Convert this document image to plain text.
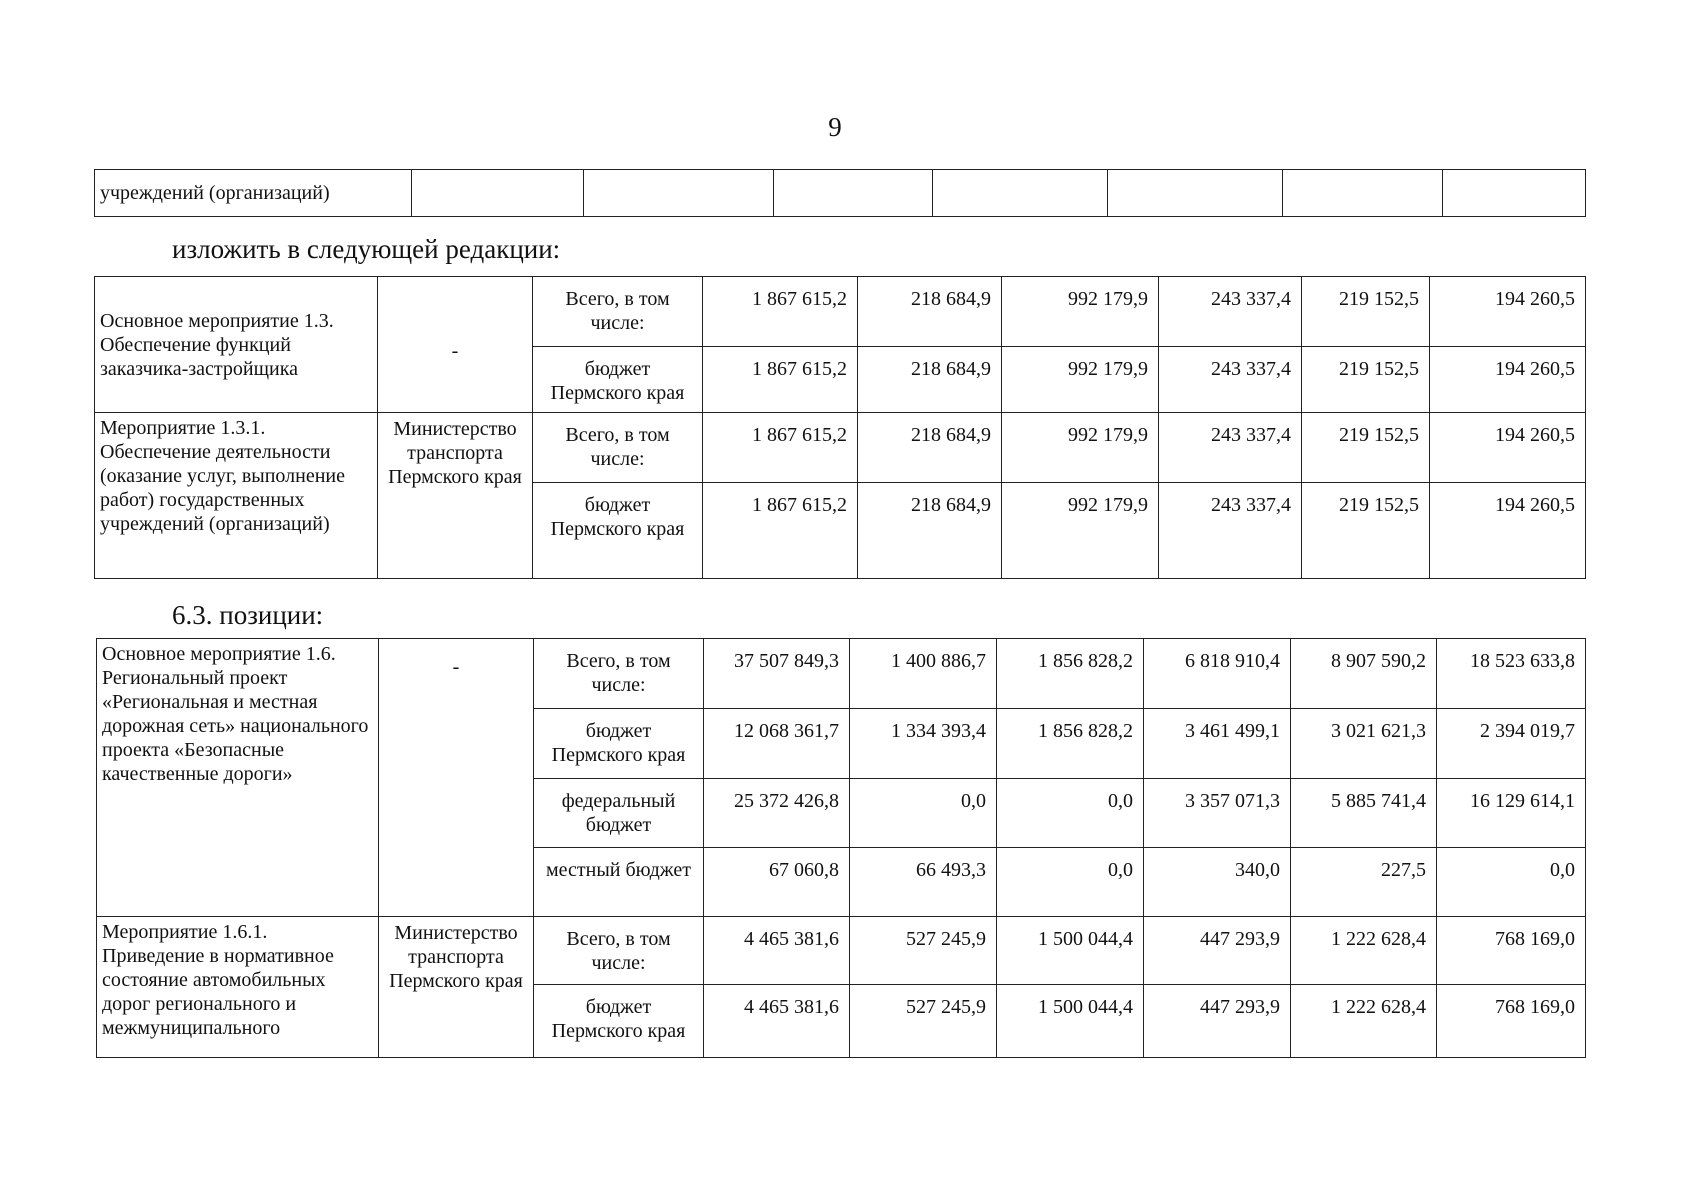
9
учреждений (организаций)							
изложить в следующей редакции:
Основное мероприятие 1.3.
Обеспечение функций заказчика-застройщика	-	Всего, в том числе:	1 867 615,2	218 684,9	992 179,9	243 337,4	219 152,5	194 260,5
		бюджет Пермского края	1 867 615,2	218 684,9	992 179,9	243 337,4	219 152,5	194 260,5
Мероприятие 1.3.1.
Обеспечение деятельности (оказание услуг, выполнение работ) государственных учреждений (организаций)	Министерство транспорта Пермского края	Всего, в том числе:	1 867 615,2	218 684,9	992 179,9	243 337,4	219 152,5	194 260,5
		бюджет Пермского края	1 867 615,2	218 684,9	992 179,9	243 337,4	219 152,5	194 260,5
6.3. позиции:
Основное мероприятие 1.6.
Региональный проект «Региональная и местная дорожная сеть» национального проекта «Безопасные качественные дороги»	-	Всего, в том числе:	37 507 849,3	1 400 886,7	1 856 828,2	6 818 910,4	8 907 590,2	18 523 633,8
		бюджет Пермского края	12 068 361,7	1 334 393,4	1 856 828,2	3 461 499,1	3 021 621,3	2 394 019,7
		федеральный бюджет	25 372 426,8	0,0	0,0	3 357 071,3	5 885 741,4	16 129 614,1
		местный бюджет	67 060,8	66 493,3	0,0	340,0	227,5	0,0
Мероприятие 1.6.1.
Приведение в нормативное состояние автомобильных дорог регионального и межмуниципального	Министерство транспорта Пермского края	Всего, в том числе:	4 465 381,6	527 245,9	1 500 044,4	447 293,9	1 222 628,4	768 169,0
		бюджет Пермского края	4 465 381,6	527 245,9	1 500 044,4	447 293,9	1 222 628,4	768 169,0
